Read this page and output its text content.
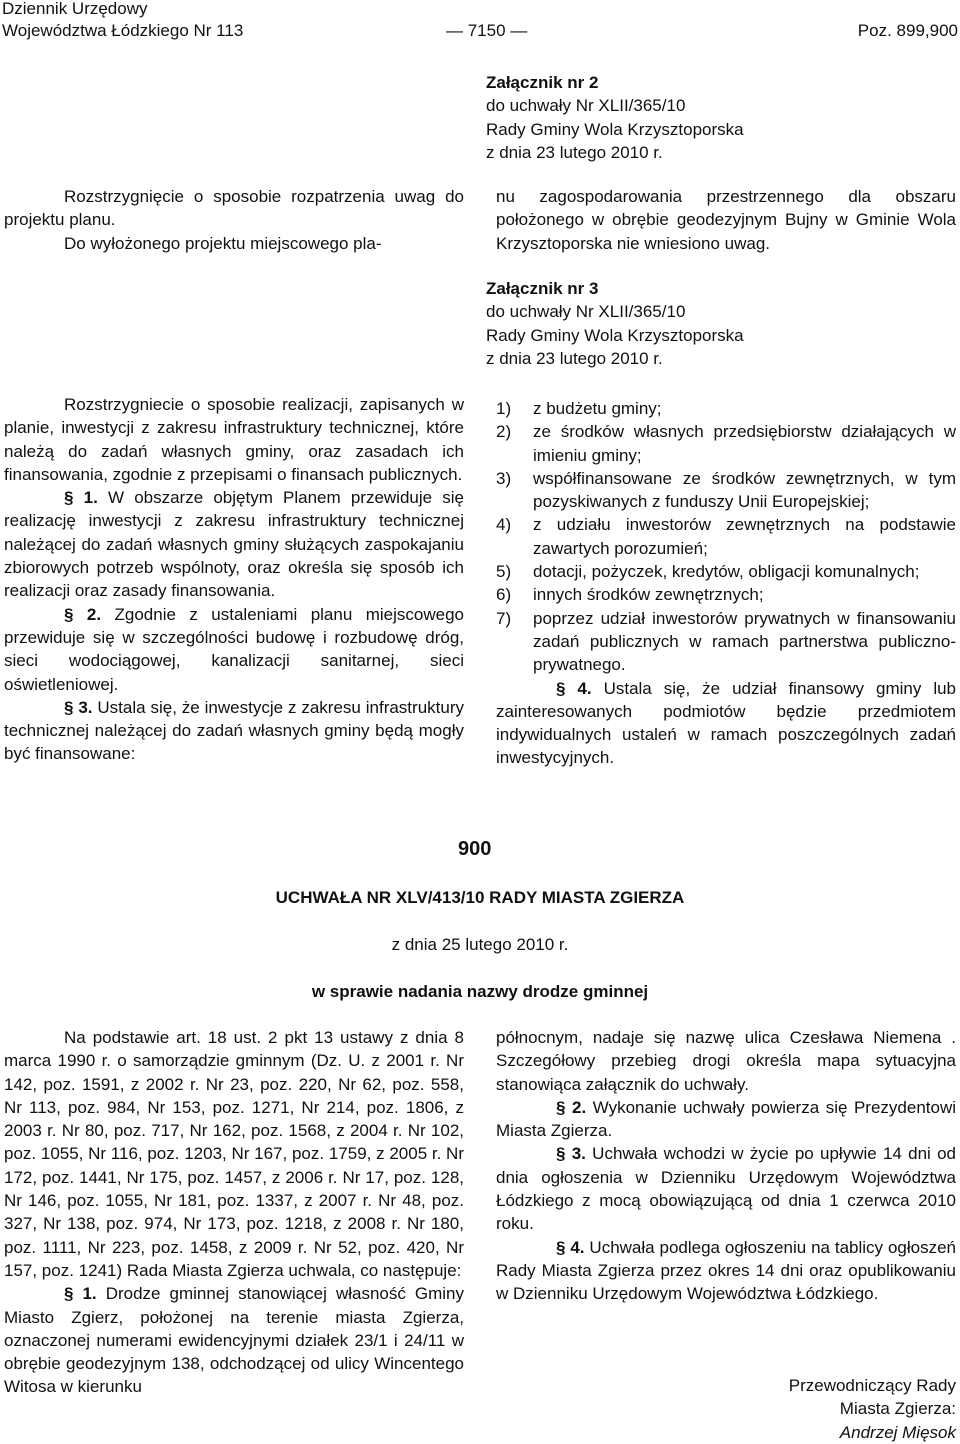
Dziennik Urzędowy
Województwa Łódzkiego Nr 113	Poz. 899,900
— 7150 —
Załącznik nr 2
do uchwały Nr XLII/365/10
Rady Gminy Wola Krzysztoporska
z dnia 23 lutego 2010 r.

Rozstrzygnięcie o sposobie rozpatrzenia uwag do projektu planu.

Do wyłożonego projektu miejscowego pla-

nu zagospodarowania przestrzennego dla obszaru położonego w obrębie geodezyjnym Bujny w Gminie Wola Krzysztoporska nie wniesiono uwag.

Załącznik nr 3
do uchwały Nr XLII/365/10
Rady Gminy Wola Krzysztoporska
z dnia 23 lutego 2010 r.

Rozstrzygniecie o sposobie realizacji, zapisanych w planie, inwestycji z zakresu infrastruktury technicznej, które należą do zadań własnych gminy, oraz zasadach ich finansowania, zgodnie z przepisami o finansach publicznych.

§ 1. W obszarze objętym Planem przewiduje się realizację inwestycji z zakresu infrastruktury technicznej należącej do zadań własnych gminy służących zaspokajaniu zbiorowych potrzeb wspólnoty, oraz określa się sposób ich realizacji oraz zasady finansowania.

§ 2. Zgodnie z ustaleniami planu miejscowego przewiduje się w szczególności budowę i rozbudowę dróg, sieci wodociągowej, kanalizacji sanitarnej, sieci oświetleniowej.

§ 3. Ustala się, że inwestycje z zakresu infrastruktury technicznej należącej do zadań własnych gminy będą mogły być finansowane:

1) z budżetu gminy;
2) ze środków własnych przedsiębiorstw działających w imieniu gminy;
3) współfinansowane ze środków zewnętrznych, w tym pozyskiwanych z funduszy Unii Europejskiej;
4) z udziału inwestorów zewnętrznych na podstawie zawartych porozumień;
5) dotacji, pożyczek, kredytów, obligacji komunalnych;
6) innych środków zewnętrznych;
7) poprzez udział inwestorów prywatnych w finansowaniu zadań publicznych w ramach partnerstwa publiczno-prywatnego.

§ 4. Ustala się, że udział finansowy gminy lub zainteresowanych podmiotów będzie przedmiotem indywidualnych ustaleń w ramach poszczególnych zadań inwestycyjnych.

900
UCHWAŁA NR XLV/413/10 RADY MIASTA ZGIERZA
z dnia 25 lutego 2010 r.
w sprawie nadania nazwy drodze gminnej

Na podstawie art. 18 ust. 2 pkt 13 ustawy z dnia 8 marca 1990 r. o samorządzie gminnym (Dz. U. z 2001 r. Nr 142, poz. 1591, z 2002 r. Nr 23, poz. 220, Nr 62, poz. 558, Nr 113, poz. 984, Nr 153, poz. 1271, Nr 214, poz. 1806, z 2003 r. Nr 80, poz. 717, Nr 162, poz. 1568, z 2004 r. Nr 102, poz. 1055, Nr 116, poz. 1203, Nr 167, poz. 1759, z 2005 r. Nr 172, poz. 1441, Nr 175, poz. 1457, z 2006 r. Nr 17, poz. 128, Nr 146, poz. 1055, Nr 181, poz. 1337, z 2007 r. Nr 48, poz. 327, Nr 138, poz. 974, Nr 173, poz. 1218, z 2008 r. Nr 180, poz. 1111, Nr 223, poz. 1458, z 2009 r. Nr 52, poz. 420, Nr 157, poz. 1241) Rada Miasta Zgierza uchwala, co następuje:

§ 1. Drodze gminnej stanowiącej własność Gminy Miasto Zgierz, położonej na terenie miasta Zgierza, oznaczonej numerami ewidencyjnymi działek 23/1 i 24/11 w obrębie geodezyjnym 138, odchodzącej od ulicy Wincentego Witosa w kierunku

północnym, nadaje się nazwę ulica Czesława Niemena . Szczegółowy przebieg drogi określa mapa sytuacyjna stanowiąca załącznik do uchwały.

§ 2. Wykonanie uchwały powierza się Prezydentowi Miasta Zgierza.

§ 3. Uchwała wchodzi w życie po upływie 14 dni od dnia ogłoszenia w Dzienniku Urzędowym Województwa Łódzkiego z mocą obowiązującą od dnia 1 czerwca 2010 roku.

§ 4. Uchwała podlega ogłoszeniu na tablicy ogłoszeń Rady Miasta Zgierza przez okres 14 dni oraz opublikowaniu w Dzienniku Urzędowym Województwa Łódzkiego.

Przewodniczący Rady
Miasta Zgierza:
Andrzej Mięsok
